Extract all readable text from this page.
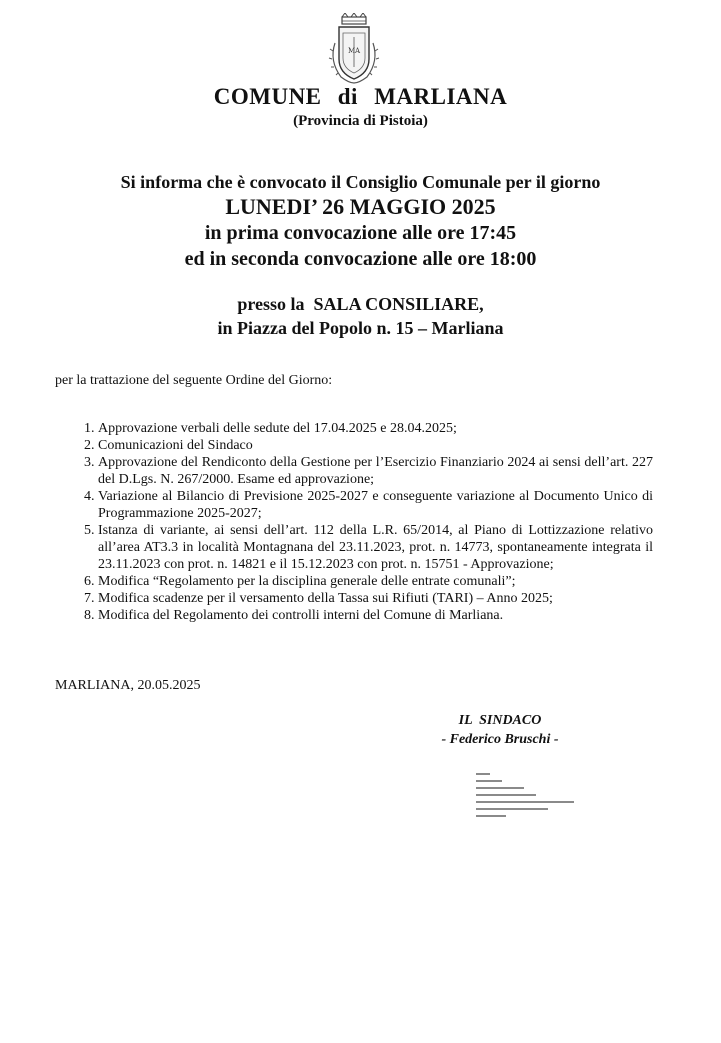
M A
COMUNE di MARLIANA
(Provincia di Pistoia)
Si informa che è convocato il Consiglio Comunale per il giorno
LUNEDI’ 26 MAGGIO 2025
in prima convocazione alle ore 17:45
ed in seconda convocazione alle ore 18:00
presso la  SALA CONSILIARE,
in Piazza del Popolo n. 15 – Marliana
per la trattazione del seguente Ordine del Giorno:
1. Approvazione verbali delle sedute del 17.04.2025 e 28.04.2025;
2. Comunicazioni del Sindaco
3. Approvazione del Rendiconto della Gestione per l’Esercizio Finanziario 2024 ai sensi dell’art. 227 del D.Lgs. N. 267/2000. Esame ed approvazione;
4. Variazione al Bilancio di Previsione 2025-2027 e conseguente variazione al Documento Unico di Programmazione 2025-2027;
5. Istanza di variante, ai sensi dell’art. 112 della L.R. 65/2014, al Piano di Lottizzazione relativo all’area AT3.3 in località Montagnana del 23.11.2023, prot. n. 14773, spontaneamente integrata il 23.11.2023 con prot. n. 14821 e il 15.12.2023 con prot. n. 15751 - Approvazione;
6. Modifica “Regolamento per la disciplina generale delle entrate comunali”;
7. Modifica scadenze per il versamento della Tassa sui Rifiuti (TARI) – Anno 2025;
8. Modifica del Regolamento dei controlli interni del Comune di Marliana.
MARLIANA, 20.05.2025
IL  SINDACO
- Federico Bruschi -
